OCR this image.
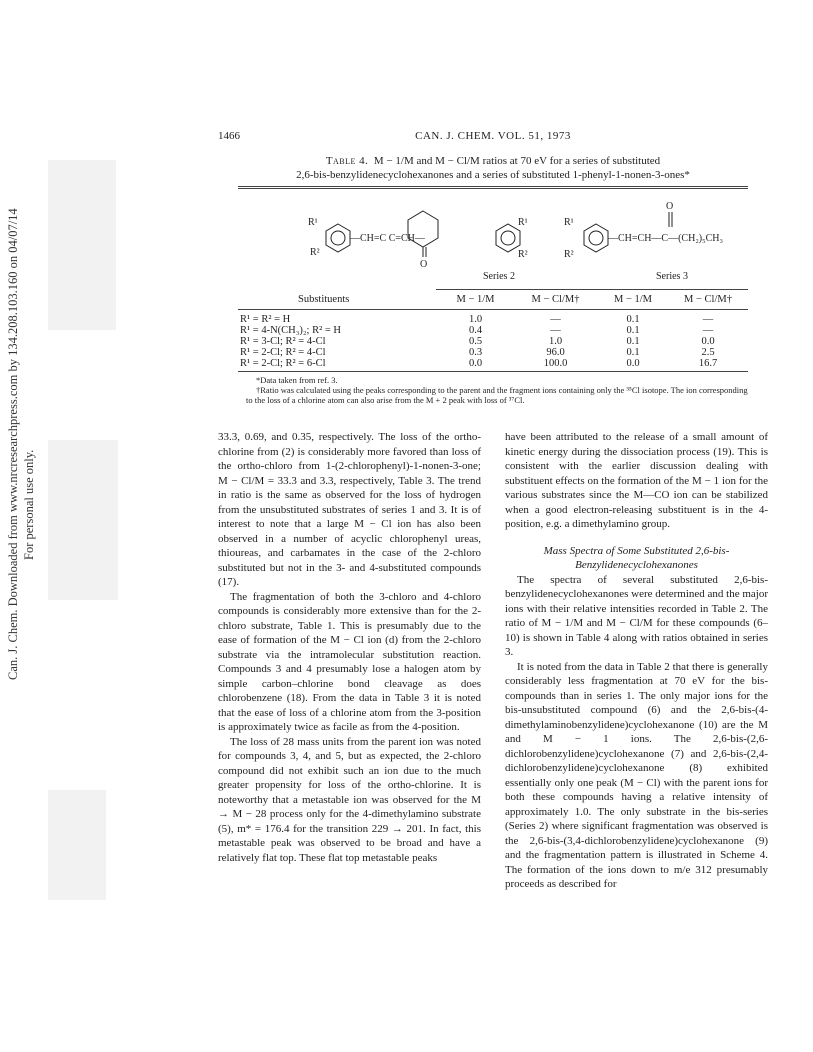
Can. J. Chem. Downloaded from www.nrcresearchpress.com by 134.208.103.160 on 04/07/14 For personal use only.
1466	CAN. J. CHEM. VOL. 51, 1973
Table 4. M − 1/M and M − Cl/M ratios at 70 eV for a series of substituted
2,6-bis-benzylidenecyclohexanones and a series of substituted 1-phenyl-1-nonen-3-ones*
R¹
R²
—CH=C C=CH—
O
R¹
R²
R¹
R²
O
—CH=CH—C—(CH₂)₅CH₃
Series 2	Series 3
Substituents	M − 1/M	M − Cl/M†	M − 1/M	M − Cl/M†

R¹ = R² = H	1.0	—	0.1	—
R¹ = 4-N(CH₃)₂; R² = H	0.4	—	0.1	—
R¹ = 3-Cl; R² = 4-Cl	0.5	1.0	0.1	0.0
R¹ = 2-Cl; R² = 4-Cl	0.3	96.0	0.1	2.5
R¹ = 2-Cl; R² = 6-Cl	0.0	100.0	0.0	16.7
*Data taken from ref. 3.
†Ratio was calculated using the peaks corresponding to the parent and the fragment ions containing only the ³⁵Cl isotope. The ion corresponding to the loss of a chlorine atom can also arise from the M + 2 peak with loss of ³⁷Cl.

33.3, 0.69, and 0.35, respectively. The loss of the ortho-chlorine from (2) is considerably more favored than loss of the ortho-chloro from 1-(2-chlorophenyl)-1-nonen-3-one; M − Cl/M = 33.3 and 3.3, respectively, Table 3. The trend in ratio is the same as observed for the loss of hydrogen from the unsubstituted substrates of series 1 and 3. It is of interest to note that a large M − Cl ion has also been observed in a number of acyclic chlorophenyl ureas, thioureas, and carbamates in the case of the 2-chloro substituted but not in the 3- and 4-substituted compounds (17).

The fragmentation of both the 3-chloro and 4-chloro compounds is considerably more extensive than for the 2-chloro substrate, Table 1. This is presumably due to the ease of formation of the M − Cl ion (d) from the 2-chloro substrate via the intramolecular substitution reaction. Compounds 3 and 4 presumably lose a halogen atom by simple carbon–chlorine bond cleavage as does chlorobenzene (18). From the data in Table 3 it is noted that the ease of loss of a chlorine atom from the 3-position is approximately twice as facile as from the 4-position.

The loss of 28 mass units from the parent ion was noted for compounds 3, 4, and 5, but as expected, the 2-chloro compound did not exhibit such an ion due to the much greater propensity for loss of the ortho-chlorine. It is noteworthy that a metastable ion was observed for the M → M − 28 process only for the 4-dimethylamino substrate (5), m* = 176.4 for the transition 229 → 201. In fact, this metastable peak was observed to be broad and have a relatively flat top. These flat top metastable peaks

have been attributed to the release of a small amount of kinetic energy during the dissociation process (19). This is consistent with the earlier discussion dealing with substituent effects on the formation of the M − 1 ion for the various substrates since the M—CO ion can be stabilized when a good electron-releasing substituent is in the 4-position, e.g. a dimethylamino group.

Mass Spectra of Some Substituted 2,6-bis-
Benzylidenecyclohexanones

The spectra of several substituted 2,6-bis-benzylidenecyclohexanones were determined and the major ions with their relative intensities recorded in Table 2. The ratio of M − 1/M and M − Cl/M for these compounds (6–10) is shown in Table 4 along with ratios obtained in series 3.

It is noted from the data in Table 2 that there is generally considerably less fragmentation at 70 eV for the bis-compounds than in series 1. The only major ions for the bis-unsubstituted compound (6) and the 2,6-bis-(4-dimethylaminobenzylidene)cyclohexanone (10) are the M and M − 1 ions. The 2,6-bis-(2,6-dichlorobenzylidene)cyclohexanone (7) and 2,6-bis-(2,4-dichlorobenzylidene)cyclohexanone (8) exhibited essentially only one peak (M − Cl) with the parent ions for both these compounds having a relative intensity of approximately 1.0. The only substrate in the bis-series (Series 2) where significant fragmentation was observed is the 2,6-bis-(3,4-dichlorobenzylidene)cyclohexanone (9) and the fragmentation pattern is illustrated in Scheme 4. The formation of the ions down to m/e 312 presumably proceeds as described for
